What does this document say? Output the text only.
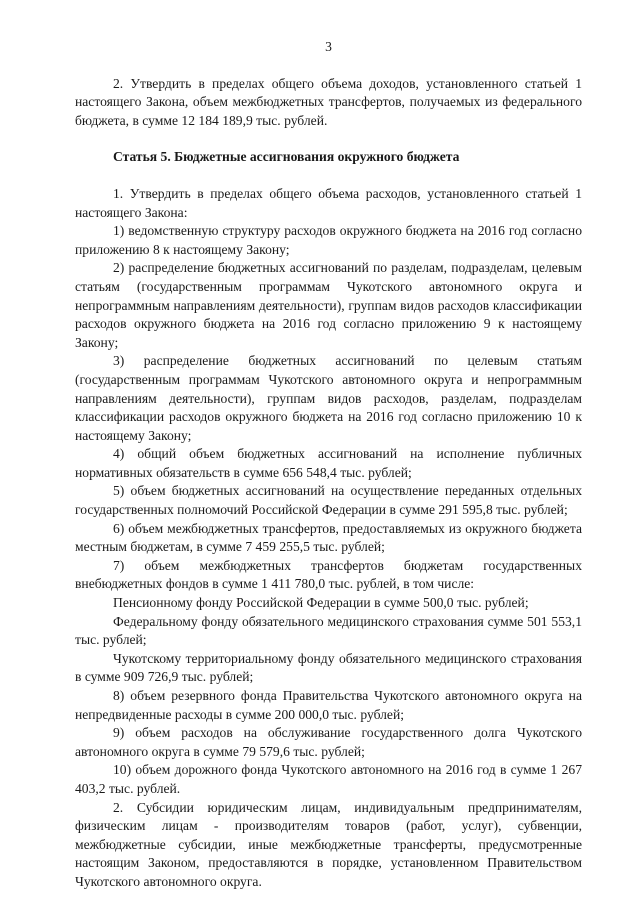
3

2. Утвердить в пределах общего объема доходов, установленного статьей 1 настоящего Закона, объем межбюджетных трансфертов, получаемых из федерального бюджета, в сумме 12 184 189,9 тыс. рублей.

Статья 5. Бюджетные ассигнования окружного бюджета

1. Утвердить в пределах общего объема расходов, установленного статьей 1 настоящего Закона:

1) ведомственную структуру расходов окружного бюджета на 2016 год согласно приложению 8 к настоящему Закону;

2) распределение бюджетных ассигнований по разделам, подразделам, целевым статьям (государственным программам Чукотского автономного округа и непрограммным направлениям деятельности), группам видов расходов классификации расходов окружного бюджета на 2016 год согласно приложению 9 к настоящему Закону;

3) распределение бюджетных ассигнований по целевым статьям (государственным программам Чукотского автономного округа и непрограммным направлениям деятельности), группам видов расходов, разделам, подразделам классификации расходов окружного бюджета на 2016 год согласно приложению 10 к настоящему Закону;

4) общий объем бюджетных ассигнований на исполнение публичных нормативных обязательств в сумме 656 548,4 тыс. рублей;

5) объем бюджетных ассигнований на осуществление переданных отдельных государственных полномочий Российской Федерации в сумме 291 595,8 тыс. рублей;

6) объем межбюджетных трансфертов, предоставляемых из окружного бюджета местным бюджетам, в сумме 7 459 255,5 тыс. рублей;

7) объем межбюджетных трансфертов бюджетам государственных внебюджетных фондов в сумме 1 411 780,0 тыс. рублей, в том числе:

Пенсионному фонду Российской Федерации в сумме 500,0 тыс. рублей;

Федеральному фонду обязательного медицинского страхования сумме 501 553,1 тыс. рублей;

Чукотскому территориальному фонду обязательного медицинского страхования в сумме 909 726,9 тыс. рублей;

8) объем резервного фонда Правительства Чукотского автономного округа на непредвиденные расходы в сумме 200 000,0 тыс. рублей;

9) объем расходов на обслуживание государственного долга Чукотского автономного округа в сумме 79 579,6 тыс. рублей;

10) объем дорожного фонда Чукотского автономного на 2016 год в сумме 1 267 403,2 тыс. рублей.

2. Субсидии юридическим лицам, индивидуальным предпринимателям, физическим лицам - производителям товаров (работ, услуг), субвенции, межбюджетные субсидии, иные межбюджетные трансферты, предусмотренные настоящим Законом, предоставляются в порядке, установленном Правительством Чукотского автономного округа.
